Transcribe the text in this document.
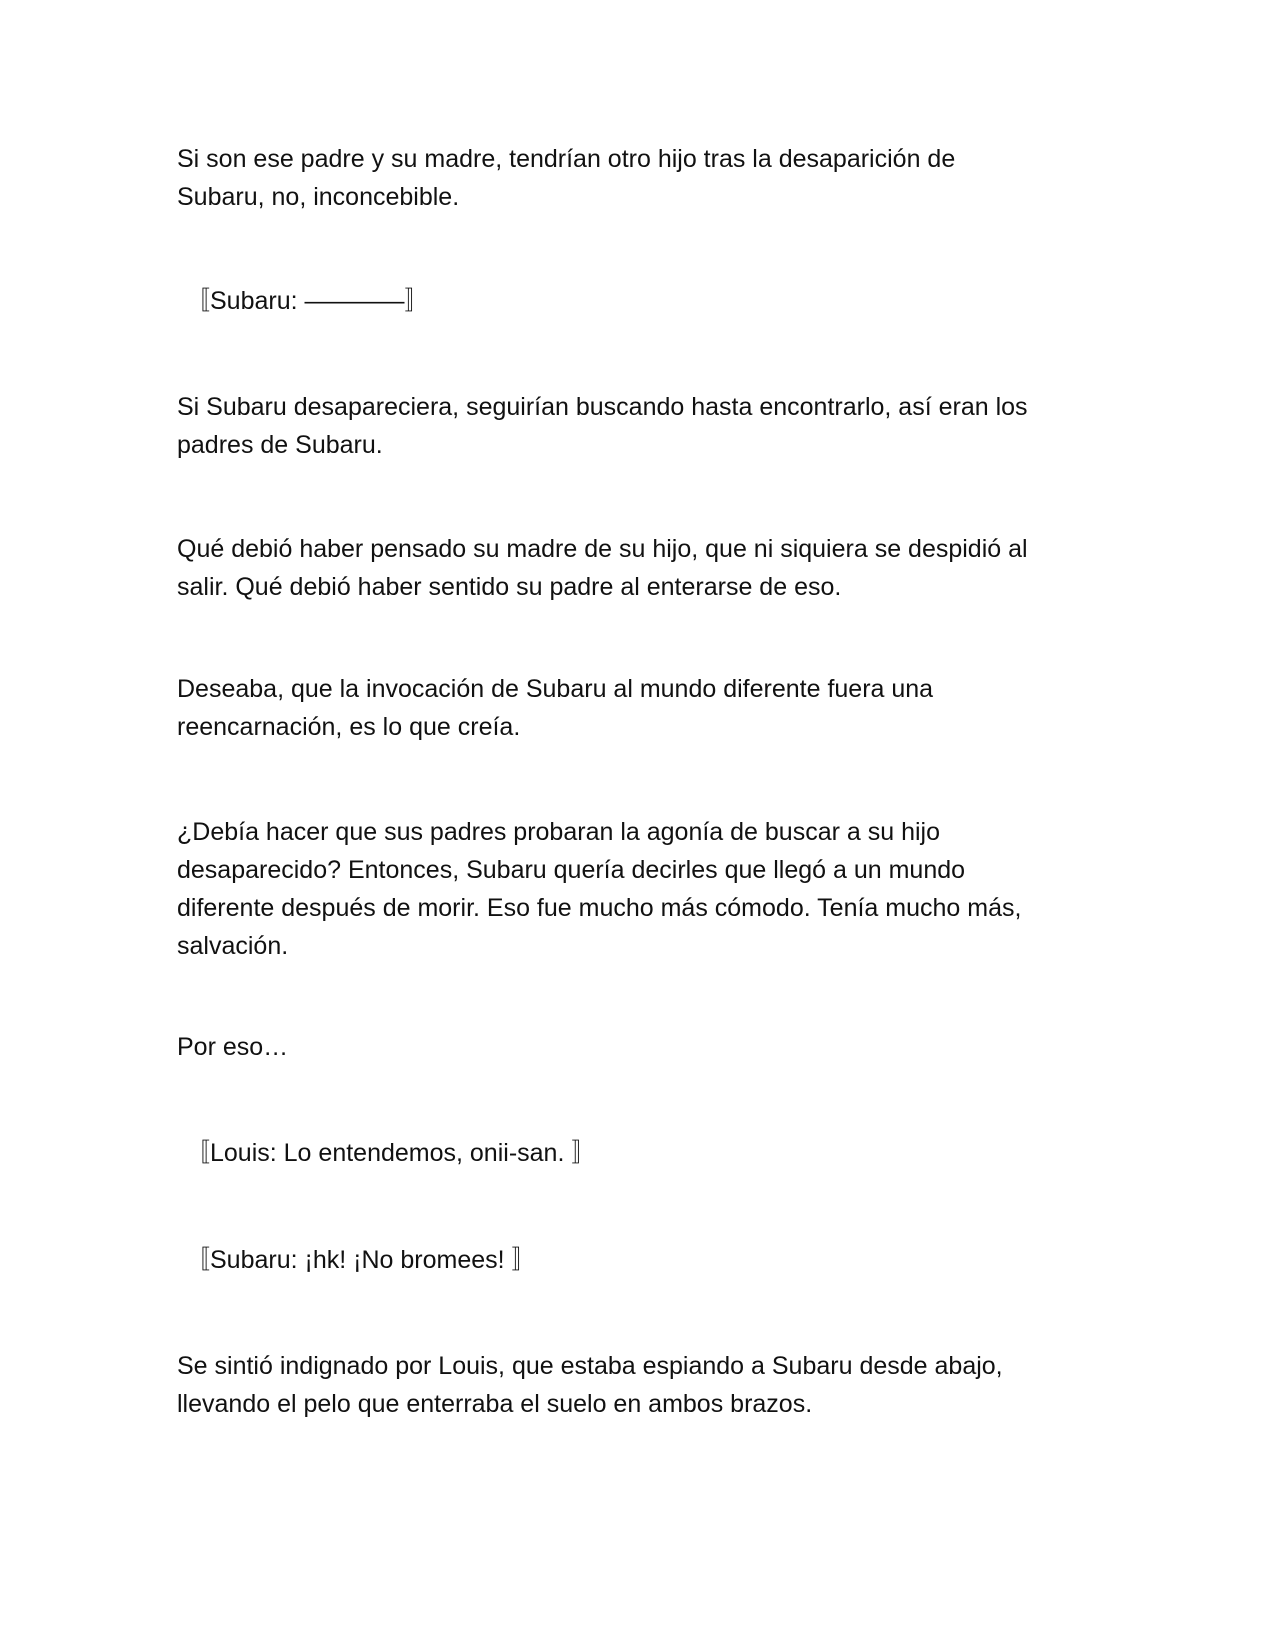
Si son ese padre y su madre, tendrían otro hijo tras la desaparición de
Subaru, no, inconcebible.

〚Subaru: ————〛

Si Subaru desapareciera, seguirían buscando hasta encontrarlo, así eran los
padres de Subaru.

Qué debió haber pensado su madre de su hijo, que ni siquiera se despidió al
salir. Qué debió haber sentido su padre al enterarse de eso.

Deseaba, que la invocación de Subaru al mundo diferente fuera una
reencarnación, es lo que creía.

¿Debía hacer que sus padres probaran la agonía de buscar a su hijo
desaparecido? Entonces, Subaru quería decirles que llegó a un mundo
diferente después de morir. Eso fue mucho más cómodo. Tenía mucho más,
salvación.

Por eso…

〚Louis: Lo entendemos, onii-san. 〛

〚Subaru: ¡hk! ¡No bromees! 〛

Se sintió indignado por Louis, que estaba espiando a Subaru desde abajo,
llevando el pelo que enterraba el suelo en ambos brazos.
